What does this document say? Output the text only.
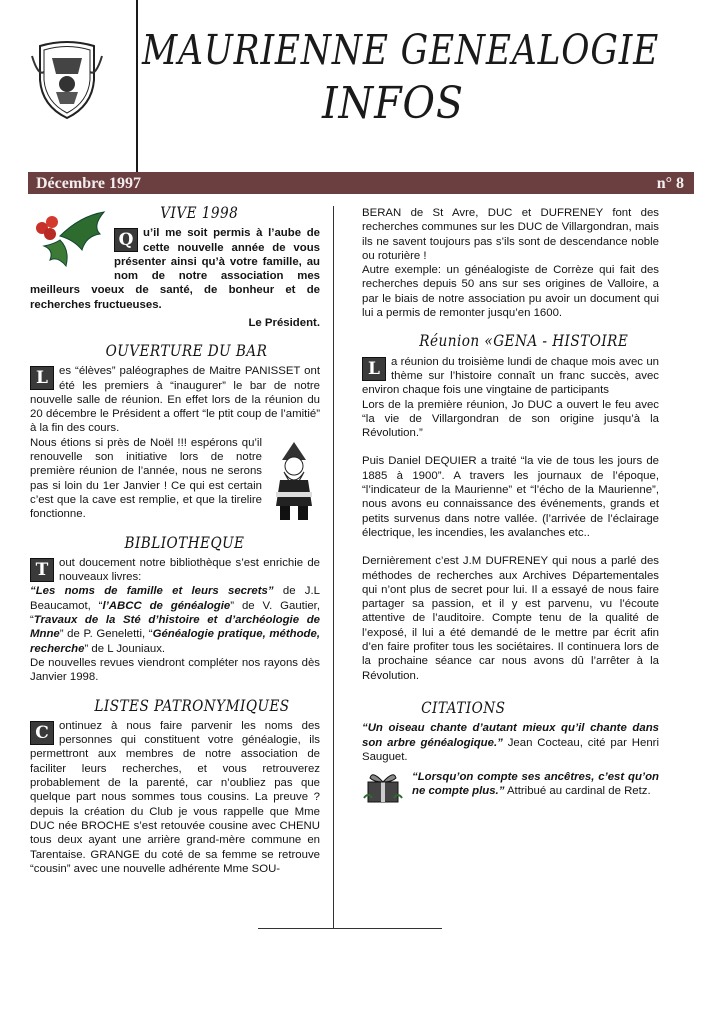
MAURIENNE GENEALOGIE
INFOS
Décembre 1997	n° 8
VIVE 1998
Q u’il me soit permis à l’aube de cette nouvelle année de vous présenter ainsi qu’à votre famille, au nom de notre association mes meilleurs voeux de santé, de bonheur et de recherches fructueuses.

Le Président.
OUVERTURE DU BAR
L es “élèves” paléographes de Maitre PANISSET ont été les premiers à “inaugurer” le bar de notre nouvelle salle de réunion. En effet lors de la réunion du 20 décembre le Président a offert “le ptit coup de l’amitié” à la fin des cours.

Nous étions si près de Noël !!! espérons qu’il renouvelle son initiative lors de notre première réunion de l’année, nous ne serons pas si loin du 1er Janvier ! Ce qui est certain c’est que la cave est remplie, et que la tirelire fonctionne.

BIBLIOTHEQUE
T out doucement notre bibliothèque s’est enrichie de nouveaux livres:
“Les noms de famille et leurs secrets” de J.L Beaucamot, “l’ABCC de généalogie” de V. Gautier, “Travaux de la Sté d’histoire et d’archéologie de Mnne” de P. Geneletti, “Généalogie pratique, méthode, recherche” de L Jouniaux.

De nouvelles revues viendront compléter nos rayons dès Janvier 1998.

LISTES PATRONYMIQUES
C ontinuez à nous faire parvenir les noms des personnes qui constituent votre généalogie, ils permettront aux membres de notre association de faciliter leurs recherches, et vous retrouverez probablement de la parenté, car n’oubliez pas que quelque part nous sommes tous cousins. La preuve ? depuis la création du Club je vous rappelle que Mme DUC née BROCHE s’est retouvée cousine avec CHENU tous deux ayant une arrière grand-mère commune en Tarentaise. GRANGE du coté de sa femme se retrouve “cousin” avec une nouvelle adhérente Mme SOU-

BERAN de St Avre, DUC et DUFRENEY font des recherches communes sur les DUC de Villargondran, mais ils ne savent toujours pas s’ils sont de descendance noble ou roturière !

Autre exemple: un généalogiste de Corrèze qui fait des recherches depuis 50 ans sur ses origines de Valloire, a par le biais de notre association pu avoir un document qui lui a permis de remonter jusqu’en 1600.

Réunion «GENA - HISTOIRE
L a réunion du troisième lundi de chaque mois avec un thème sur l’histoire connaît un franc succès, avec environ chaque fois une vingtaine de participants

Lors de la première réunion, Jo DUC a ouvert le feu avec “la vie de Villargondran de son origine jusqu’à la Révolution.”

Puis Daniel DEQUIER a traité “la vie de tous les jours de 1885 à 1900”. A travers les journaux de l’époque, “l’indicateur de la Maurienne” et “l’écho de la Maurienne”, nous avons eu connaissance des événements, grands et petits survenus dans notre vallée. (l’arrivée de l’éclairage électrique, les incendies, les avalanches etc..

Dernièrement c’est J.M DUFRENEY qui nous a parlé des méthodes de recherches aux Archives Départementales qui n’ont plus de secret pour lui. Il a essayé de nous faire partager sa passion, et il y est parvenu, vu l’écoute attentive de l’auditoire. Compte tenu de la qualité de l’exposé, il lui a été demandé de le mettre par écrit afin d’en faire profiter tous les sociétaires. Il continuera lors de la prochaine séance car nous avons dû l’arrêter à la Révolution.

CITATIONS

“Un oiseau chante d’autant mieux qu’il chante dans son arbre généalogique.” Jean Cocteau, cité par Henri Sauguet.

“Lorsqu’on compte ses ancêtres, c’est qu’on ne compte plus.” Attribué au cardinal de Retz.
